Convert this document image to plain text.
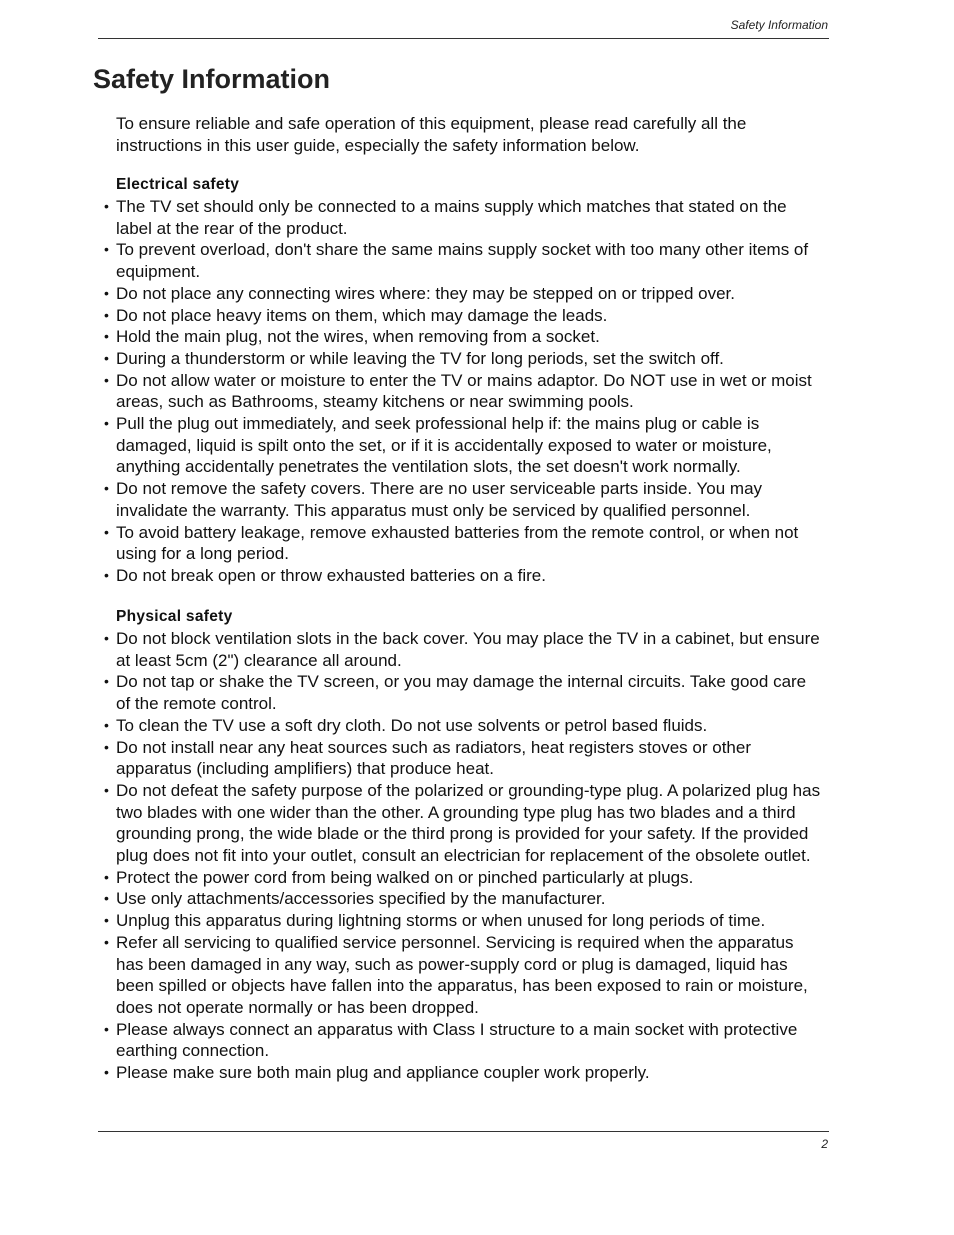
Safety Information
Safety Information

To ensure reliable and safe operation of this equipment, please read carefully all the instructions in this user guide, especially the safety information below.

Electrical safety
• The TV set should only be connected to a mains supply which matches that stated on the label at the rear of the product.
• To prevent overload, don't share the same mains supply socket with too many other items of equipment.
• Do not place any connecting wires where: they may be stepped on or tripped over.
• Do not place heavy items on them, which may damage the leads.
• Hold the main plug, not the wires, when removing from a socket.
• During a thunderstorm or while leaving the TV for long periods, set the switch off.
• Do not allow water or moisture to enter the TV or mains adaptor. Do NOT use in wet or moist areas, such as Bathrooms, steamy kitchens or near swimming pools.
• Pull the plug out immediately, and seek professional help if: the mains plug or cable is damaged, liquid is spilt onto the set, or if it is accidentally exposed to water or moisture, anything accidentally penetrates the ventilation slots, the set doesn't work normally.
• Do not remove the safety covers. There are no user serviceable parts inside. You may invalidate the warranty. This apparatus must only be serviced by qualified personnel.
• To avoid battery leakage, remove exhausted batteries from the remote control, or when not using for a long period.
• Do not break open or throw exhausted batteries on a fire.
Physical safety
• Do not block ventilation slots in the back cover. You may place the TV in a cabinet, but ensure at least 5cm (2") clearance all around.
• Do not tap or shake the TV screen, or you may damage the internal circuits. Take good care of the remote control.
• To clean the TV use a soft dry cloth. Do not use solvents or petrol based fluids.
• Do not install near any heat sources such as radiators, heat registers stoves or other apparatus (including amplifiers) that produce heat.
• Do not defeat the safety purpose of the polarized or grounding-type plug. A polarized plug has two blades with one wider than the other. A grounding type plug has two blades and a third grounding prong, the wide blade or the third prong is provided for your safety. If the provided plug does not fit into your outlet, consult an electrician for replacement of the obsolete outlet.
• Protect the power cord from being walked on or pinched particularly at plugs.
• Use only attachments/accessories specified by the manufacturer.
• Unplug this apparatus during lightning storms or when unused for long periods of time.
• Refer all servicing to qualified service personnel. Servicing is required when the apparatus has been damaged in any way, such as power-supply cord or plug is damaged, liquid has been spilled or objects have fallen into the apparatus, has been exposed to rain or moisture, does not operate normally or has been dropped.
• Please always connect an apparatus with Class I structure to a main socket with protective earthing connection.
• Please make sure both main plug and appliance coupler work properly.
2
